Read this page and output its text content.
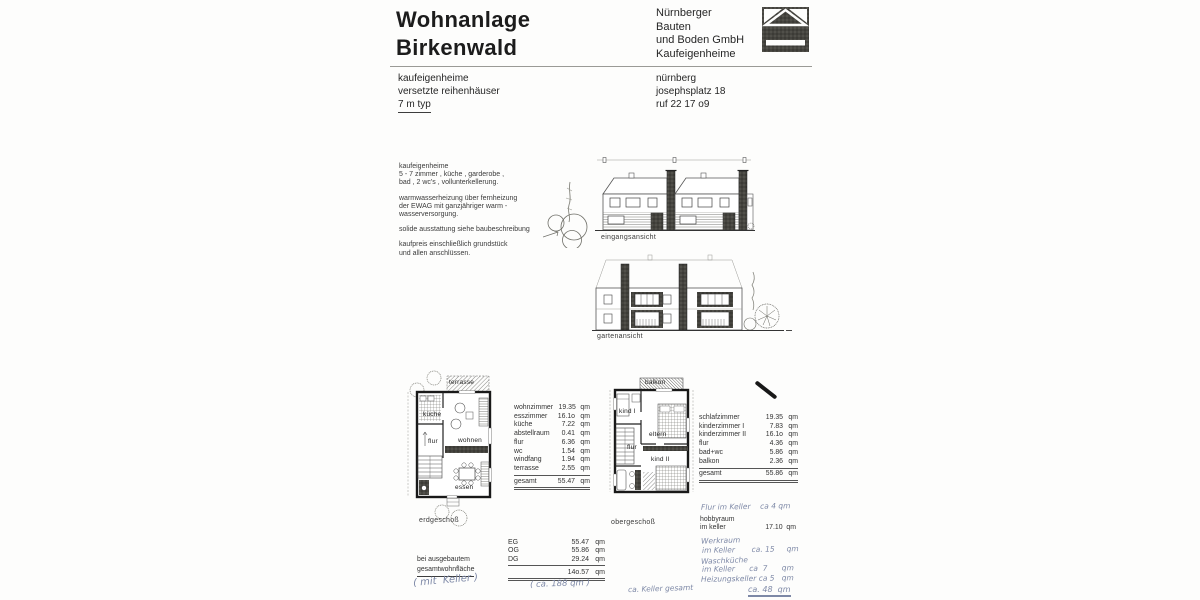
Wohnanlage
Birkenwald
Nürnberger
Bauten
und Boden GmbH
Kaufeigenheime
kaufeigenheime
versetzte reihenhäuser
7 m typ
nürnberg
josephsplatz 18
ruf 22 17 o9

kaufeigenheime
5 - 7 zimmer , küche , garderobe ,
bad , 2 wc's , vollunterkellerung.

warmwasserheizung über fernheizung
der EWAG mit ganzjähriger warm -
wasserversorgung.

solide ausstattung siehe baubeschreibung

kaufpreis einschließlich grundstück
und allen anschlüssen.

eingangsansicht
gartenansicht
terrasse
küche
flur	wohnen
essen
erdgeschoß
wohnzimmer 19.35 qm
esszimmer	16.1o qm
küche	7.22 qm
abstellraum	0.41 qm
flur	6.36 qm
wc	1.54 qm
windfang	1.94 qm
terrasse	2.55 qm
gesamt	55.47 qm
balkon
kind I
eltern
flur
kind II
obergeschoß
schlafzimmer	19.35 qm
kinderzimmer I	7.83 qm
kinderzimmer II	16.1o qm
flur	4.36 qm
bad+wc	5.86 qm
balkon	2.36 qm
gesamt	55.86 qm
bei ausgebautem
gesamtwohnfläche
( mit  Keller )
EG	55.47 qm
OG	55.86 qm
DG	29.24 qm
14o.57 qm
( ca. 188 qm )	ca. Keller gesamt
Flur im Keller    ca 4 qm
hobbyraum
im keller	17.10  qm
Werkraum
im Keller       ca. 15     qm
Waschküche
im Keller      ca  7      qm
Heizungskeller ca 5   qm
ca. 48  qm
